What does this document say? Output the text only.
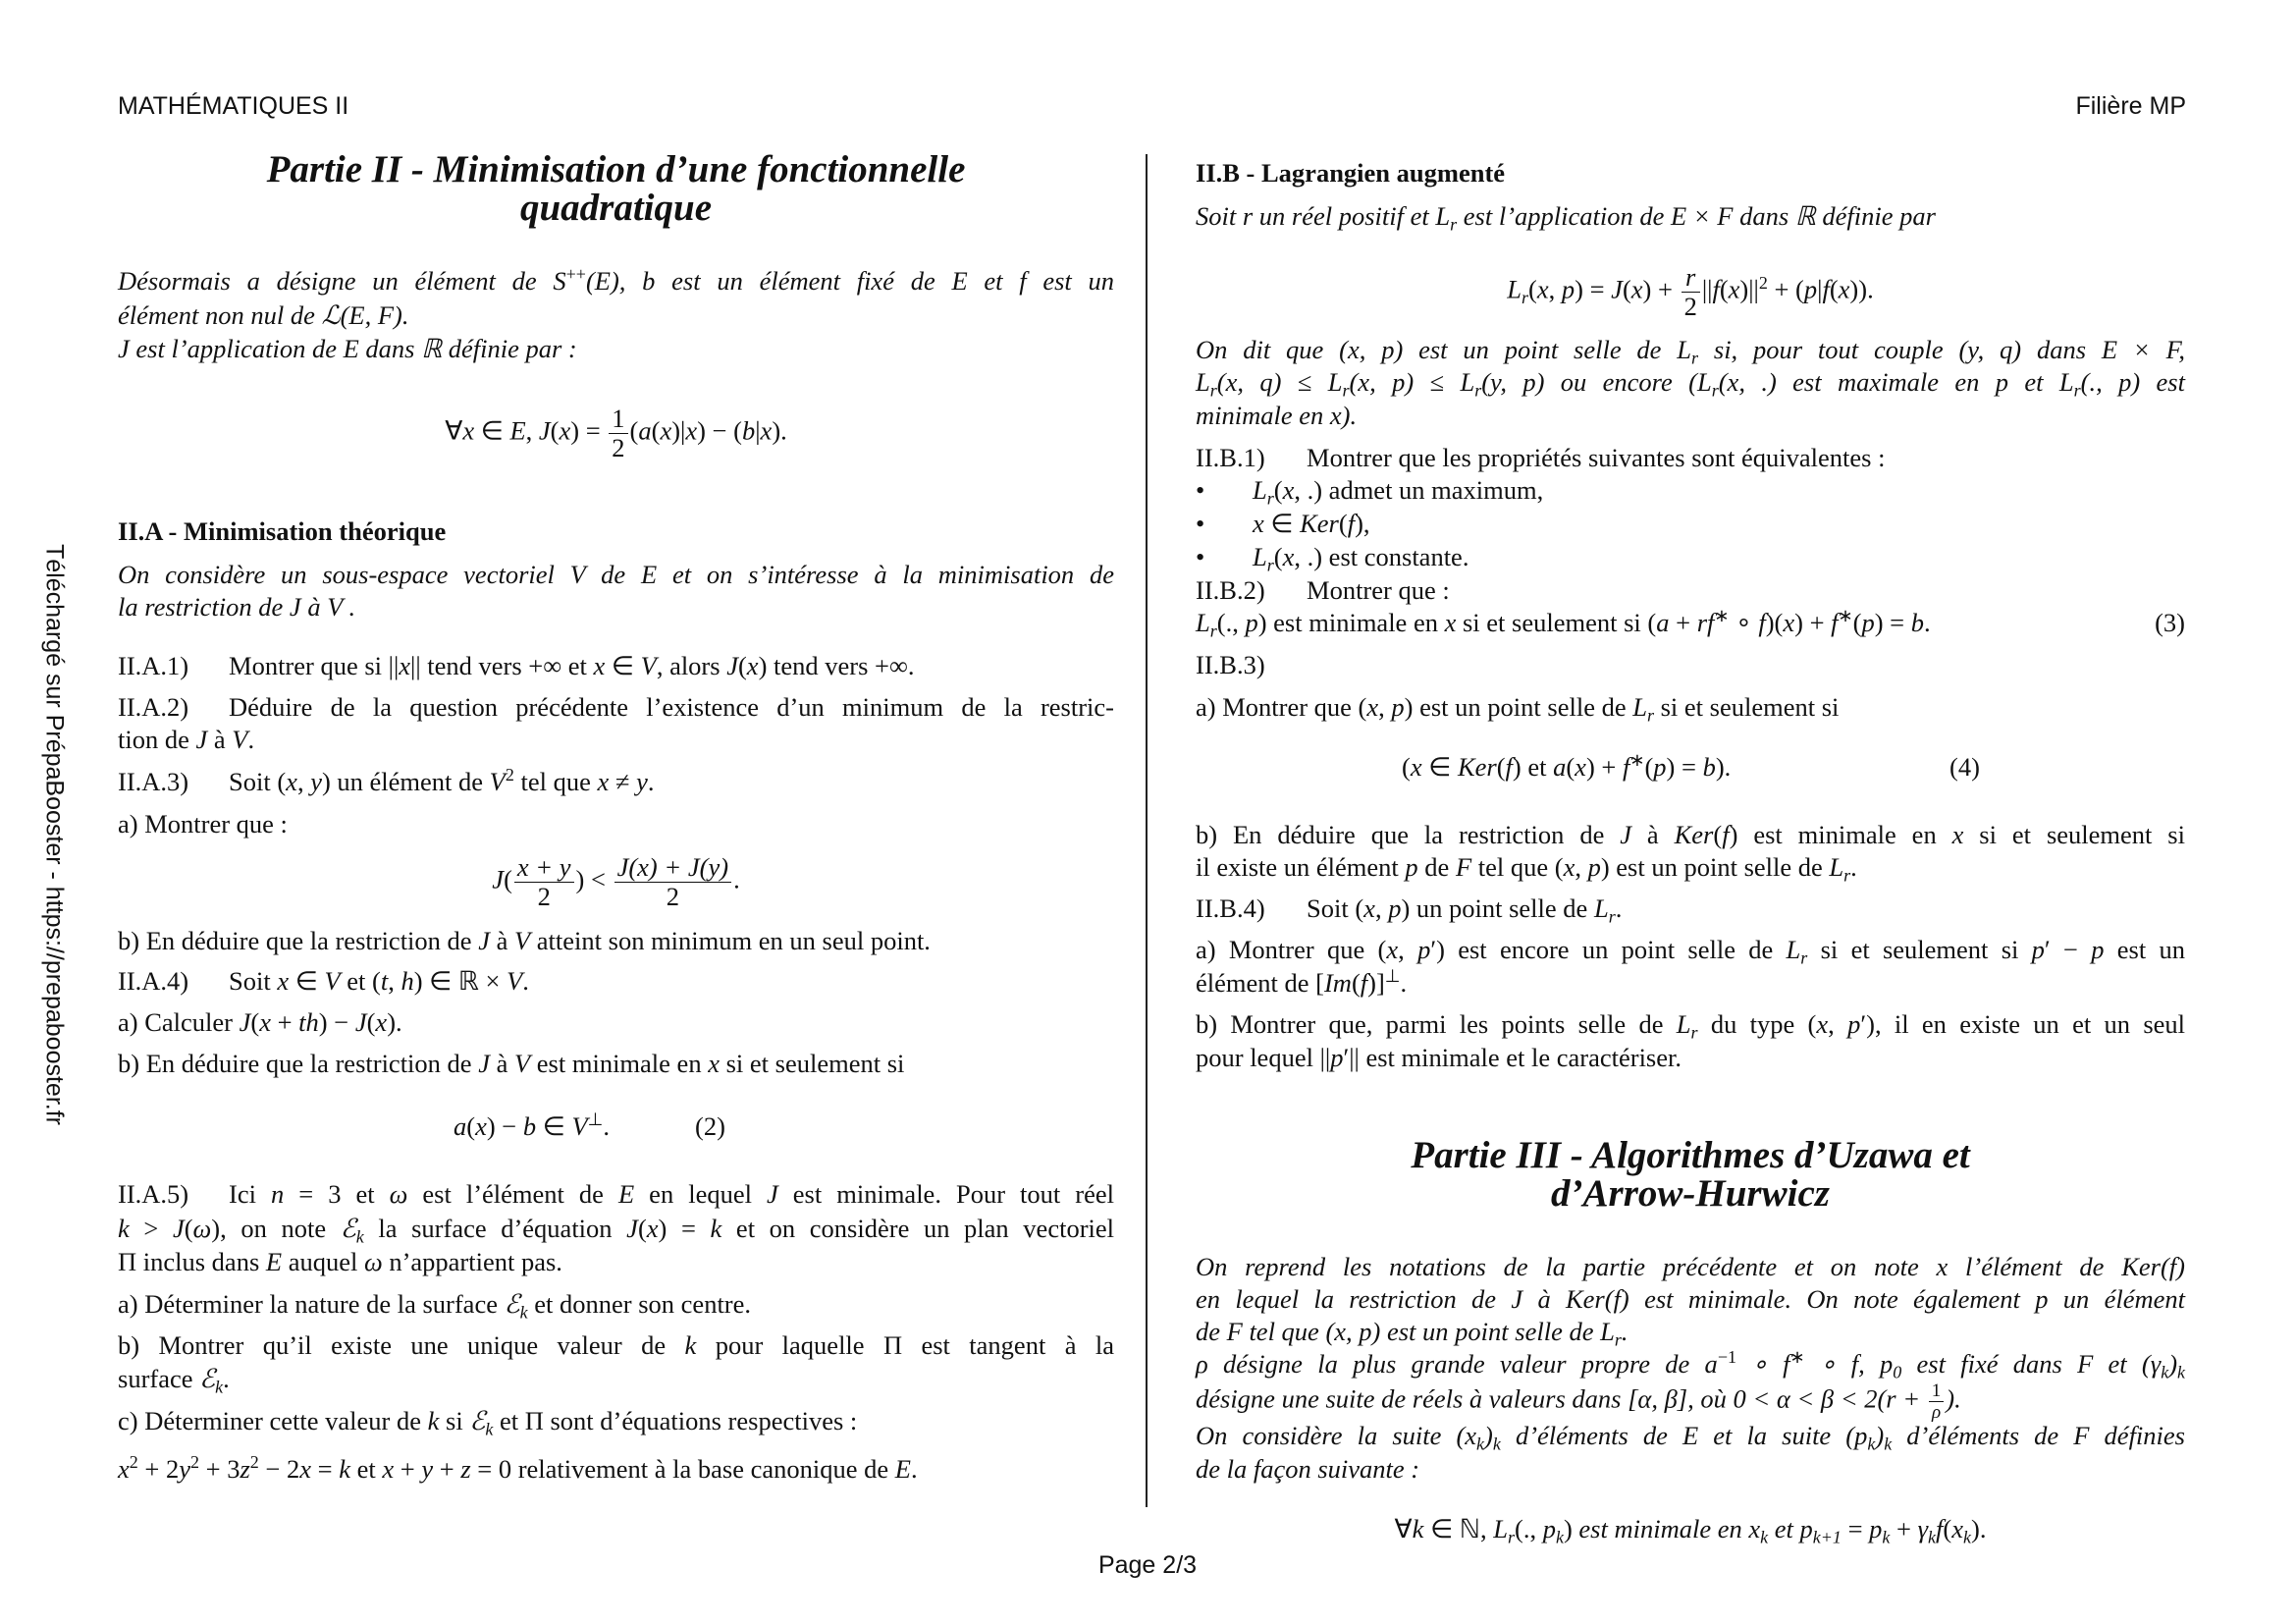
MATHÉMATIQUES II	Filière MP
Téléchargé sur PrépaBooster - https://prepabooster.fr
Partie II - Minimisation d’une fonctionnelle
quadratique
Partie III - Algorithmes d’Uzawa et
d’Arrow-Hurwicz
Désormais a désigne un élément de S++(E), b est un élément fixé de E et f est un
élément non nul de ℒ(E, F).
J est l’application de E dans ℝ définie par :
∀x ∈ E, $J(x) = \frac{1}{2} (a(x)|x) - (b|x)$.
II.A - Minimisation théorique
On considère un sous-espace vectoriel V de E et on s’intéresse à la minimisation de
la restriction de J à V .
II.A.1) Montrer que si ||x|| tend vers +∞ et x ∈ V, alors J(x) tend vers +∞.
II.A.2) Déduire de la question précédente l’existence d’un minimum de la restric-
tion de J à V.
II.A.3) Soit (x, y) un élément de $V^2$ tel que x ≠ y.
a) Montrer que :
$J( \frac{x + y}{2}$ ) < $\frac{J(x) + J(y)}{2}$ .
b) En déduire que la restriction de J à V atteint son minimum en un seul point.
II.A.4) Soit x ∈ V et (t, h) ∈ ℝ × V.
a) Calculer J(x + th) − J(x).
b) En déduire que la restriction de J à V est minimale en x si et seulement si
a(x) − b ∈ V⊥.	(2)
II.A.5) Ici n = 3 et ω est l’élément de E en lequel J est minimale. Pour tout réel
k > J(ω), on note ℰ$_k$ la surface d’équation J(x) = k et on considère un plan vectoriel
Π inclus dans E auquel ω n’appartient pas.
a) Déterminer la nature de la surface ℰ$_k$ et donner son centre.
b) Montrer qu’il existe une unique valeur de k pour laquelle Π est tangent à la
surface ℰ$_k$.
c) Déterminer cette valeur de k si ℰ$_k$ et Π sont d’équations respectives :
$x^2 + 2y^2 + 3z^2 - 2x = k$ et x + y + z = 0 relativement à la base canonique de E.
II.B - Lagrangien augmenté
Soit r un réel positif et $L_r$ est l’application de E × F dans ℝ définie par
$L_r(x$, $p) = J(x) + \frac{r}{2} ||f(x)||^2 + (p|f(x))$.
On dit que (x, p) est un point selle de $L_r$ si, pour tout couple (y, q) dans E × F,
$L_r(x$, $q) \le L_r(x$, $p) \le L_r(y$, p) ou encore ($L_r(x$, .) est maximale en p et $L_r$(., p) est
minimale en x).
II.B.1) Montrer que les propriétés suivantes sont équivalentes :
• $L_r(x$, .) admet un maximum,
• x ∈ Ker(f),
• $L_r(x$, .) est constante.
II.B.2) Montrer que :
$L_r$(., p) est minimale en x si et seulement si (a + rf∗ ∘ f)(x) + f∗(p) = b.	(3)
II.B.3)
a) Montrer que (x, p) est un point selle de $L_r$ si et seulement si
(x ∈ Ker(f) et a(x) + f∗(p) = b).	(4)
b) En déduire que la restriction de J à Ker(f) est minimale en x si et seulement si
il existe un élément p de F tel que (x, p) est un point selle de $L_r$.
II.B.4) Soit (x, p) un point selle de $L_r$.
a) Montrer que (x, p′) est encore un point selle de $L_r$ si et seulement si p′ − p est un
élément de [Im(f)]⊥.
b) Montrer que, parmi les points selle de $L_r$ du type (x, p′), il en existe un et un seul
pour lequel ||p′|| est minimale et le caractériser.
On reprend les notations de la partie précédente et on note x l’élément de Ker(f)
en lequel la restriction de J à Ker(f) est minimale. On note également p un élément
de F tel que (x, p) est un point selle de $L_r$.
ρ désigne la plus grande valeur propre de $a^{-1}$ ∘ f∗ ∘ f, $p_0$ est fixé dans F et $(\gamma_k)_k$
désigne une suite de réels à valeurs dans [α, β], où $0 < \alpha < \beta < 2(r + \frac{1}{\rho}$ ).
On considère la suite $(x_k)_k$ d’éléments de E et la suite $(p_k)_k$ d’éléments de F définies
de la façon suivante :
∀k ∈ ℕ, $L_r$(., $p_k$) est minimale en $x_k$ et $p_{k+1} = p_k + \gamma_kf(x_k)$.
Page 2/3
